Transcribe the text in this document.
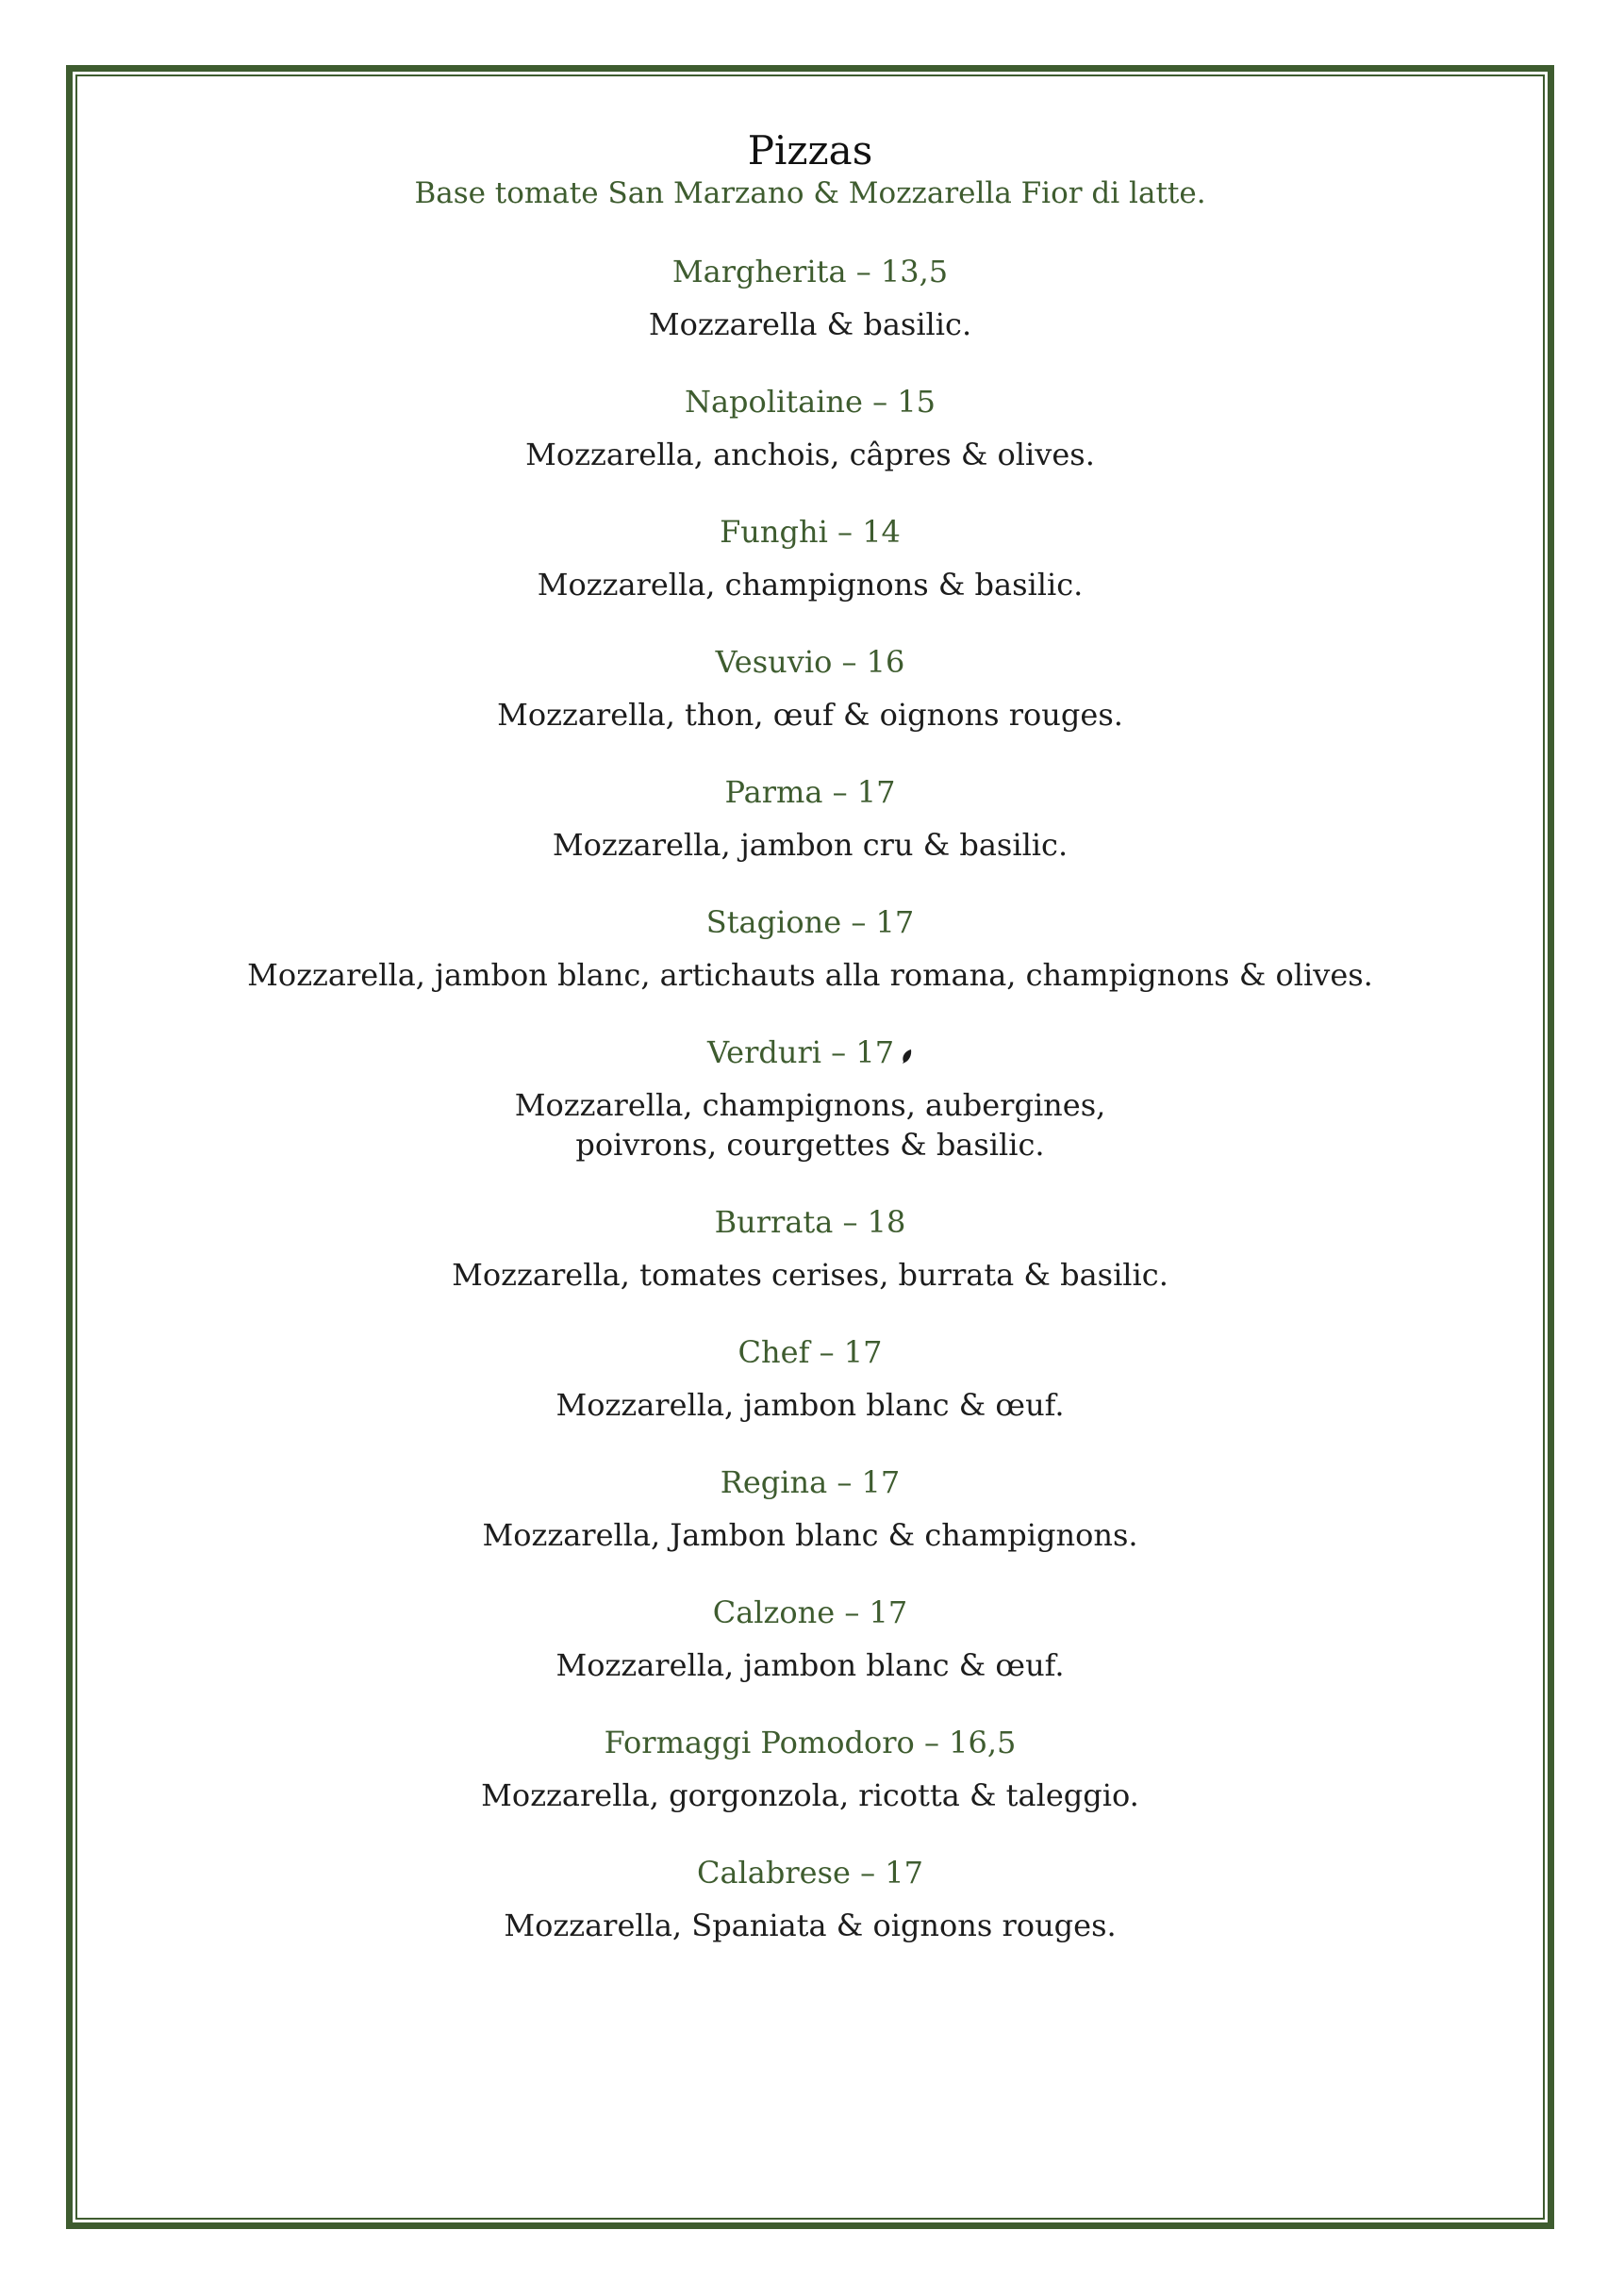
Pizzas

Base tomate San Marzano & Mozzarella Fior di latte.

Margherita – 13,5
Mozzarella & basilic.
Napolitaine – 15
Mozzarella, anchois, câpres & olives.
Funghi – 14
Mozzarella, champignons & basilic.
Vesuvio – 16
Mozzarella, thon, œuf & oignons rouges.
Parma – 17
Mozzarella, jambon cru & basilic.
Stagione – 17
Mozzarella, jambon blanc, artichauts alla romana, champignons & olives.
Verduri – 17
Mozzarella, champignons, aubergines,
poivrons, courgettes & basilic.
Burrata – 18
Mozzarella, tomates cerises, burrata & basilic.
Chef – 17
Mozzarella, jambon blanc & œuf.
Regina – 17
Mozzarella, Jambon blanc & champignons.
Calzone – 17
Mozzarella, jambon blanc & œuf.
Formaggi Pomodoro – 16,5
Mozzarella, gorgonzola, ricotta & taleggio.
Calabrese – 17
Mozzarella, Spaniata & oignons rouges.
